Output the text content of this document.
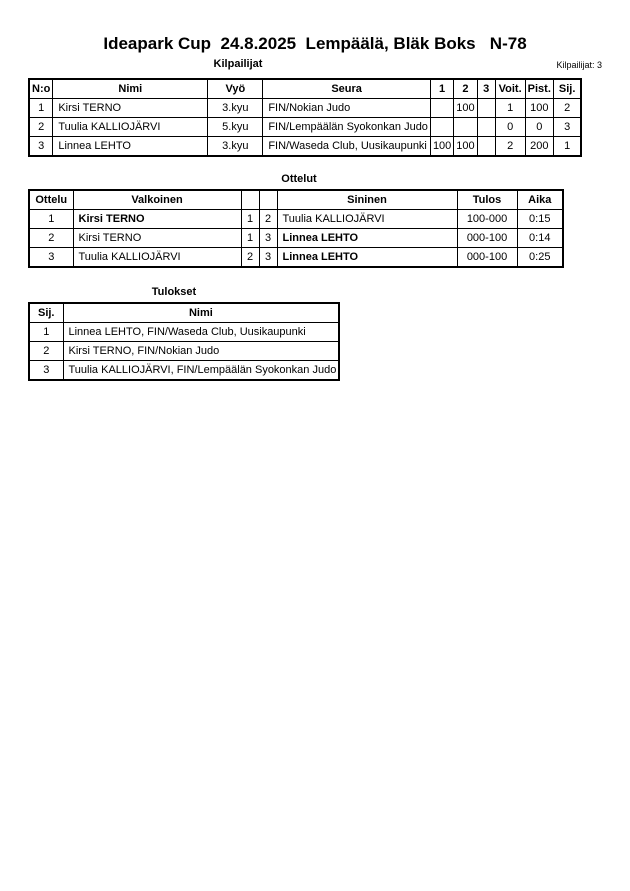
Ideapark Cup  24.8.2025  Lempäälä, Bläk Boks   N-78
Kilpailijat	Kilpailijat: 3
N:o	Nimi	Vyö	Seura	1	2	3	Voit.	Pist.	Sij.
1	Kirsi TERNO	3.kyu	FIN/Nokian Judo		100		1	100	2
2	Tuulia KALLIOJÄRVI	5.kyu	FIN/Lempäälän Syokonkan Judo				0	0	3
3	Linnea LEHTO	3.kyu	FIN/Waseda Club, Uusikaupunki	100	100		2	200	1
Ottelut
Ottelu	Valkoinen			Sininen	Tulos	Aika
1	Kirsi TERNO	1	2	Tuulia KALLIOJÄRVI	100-000	0:15
2	Kirsi TERNO	1	3	Linnea LEHTO	000-100	0:14
3	Tuulia KALLIOJÄRVI	2	3	Linnea LEHTO	000-100	0:25
Tulokset
Sij.	Nimi
1	Linnea LEHTO, FIN/Waseda Club, Uusikaupunki
2	Kirsi TERNO, FIN/Nokian Judo
3	Tuulia KALLIOJÄRVI, FIN/Lempäälän Syokonkan Judo
